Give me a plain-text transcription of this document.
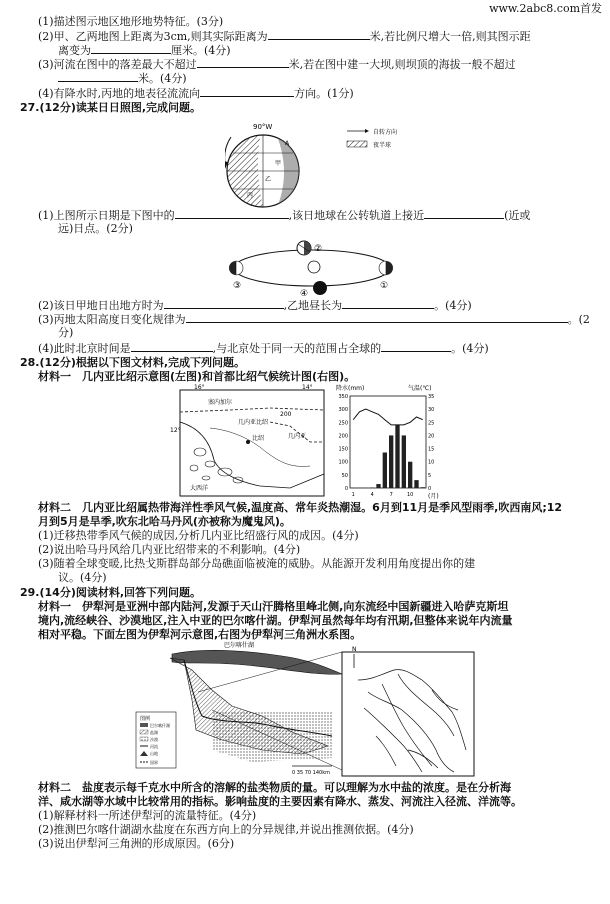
www.2abc8.com首发
(1)描述图示地区地形地势特征。(3分)
(2)甲、乙两地图上距离为3cm,则其实际距离为	米,若比例尺增大一倍,则其图示距
离变为	厘米。(4分)
(3)河流在图中的落差最大不超过	米,若在图中建一大坝,则坝顶的海拔一般不超过
米。(4分)
(4)有降水时,丙地的地表径流流向	方向。(1分)
27.(12分)读某日日照图,完成问题。
90°W
甲
乙
丙
A
自转方向
夜半球
(1)上图所示日期是下图中的	,该日地球在公转轨道上接近	(近或
远)日点。(2分)
②
③
④
①
(2)该日甲地日出地方时为	,乙地昼长为	。(4分)
(3)丙地太阳高度日变化规律为	。(2
分)
(4)此时北京时间是	,与北京处于同一天的范围占全球的	。(4分)
28.(12分)根据以下图文材料,完成下列问题。
材料一　几内亚比绍示意图(左图)和首都比绍气候统计图(右图)。
16°	14°
12°
比绍
塞内加尔
几内亚比绍
几内亚
大西洋
200
降水(mm)	气温(℃)
0
50
100
150
200
250
300
350
0
5
10
15
20
25
30
35
1	4	7	10 (月)
材料二　几内亚比绍属热带海洋性季风气候,温度高、常年炎热潮湿。6月到11月是季风型雨季,吹西南风;12
月到5月是旱季,吹东北哈马丹风(亦被称为魔鬼风)。
(1)迁移热带季风气候的成因,分析几内亚比绍盛行风的成因。(4分)
(2)说出哈马丹风给几内亚比绍带来的不利影响。(4分)
(3)随着全球变暖,比热戈斯群岛部分岛礁面临被淹的威胁。从能源开发利用角度提出你的建
议。(4分)
29.(14分)阅读材料,回答下列问题。
材料一　伊犁河是亚洲中部内陆河,发源于天山汗腾格里峰北侧,向东流经中国新疆进入哈萨克斯坦
境内,流经峡谷、沙漠地区,注入中亚的巴尔喀什湖。伊犁河虽然每年均有汛期,但整体来说年内流量
相对平稳。下面左图为伊犁河示意图,右图为伊犁河三角洲水系图。
巴尔喀什湖
图例
巴尔喀什湖
盐湖
沙漠
河流
山地
国界
0 35 70 140km
N
材料二　盐度表示每千克水中所含的溶解的盐类物质的量。可以理解为水中盐的浓度。是在分析海
洋、咸水湖等水域中比较常用的指标。影响盐度的主要因素有降水、蒸发、河流注入径流、洋流等。
(1)解释材料一所述伊犁河的流量特征。(4分)
(2)推测巴尔喀什湖湖水盐度在东西方向上的分异规律,并说出推测依据。(4分)
(3)说出伊犁河三角洲的形成原因。(6分)
